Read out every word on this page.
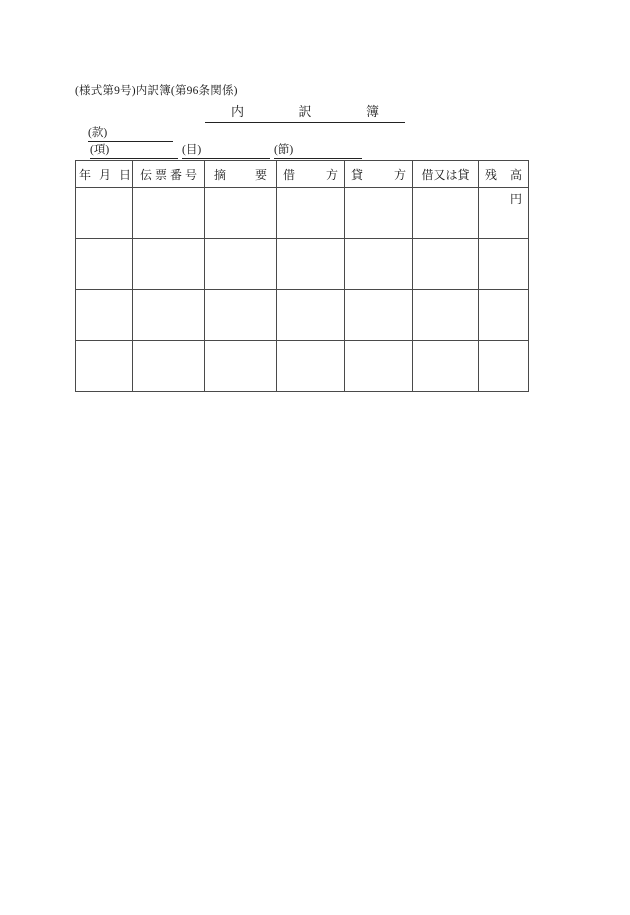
(様式第9号)内訳簿(第96条関係)
内	訳	簿
(款)
(項)	(目)	(節)
年 月 日	伝 票 番 号	摘 要	借 方	貸 方	借又は貸	残 高

						円
